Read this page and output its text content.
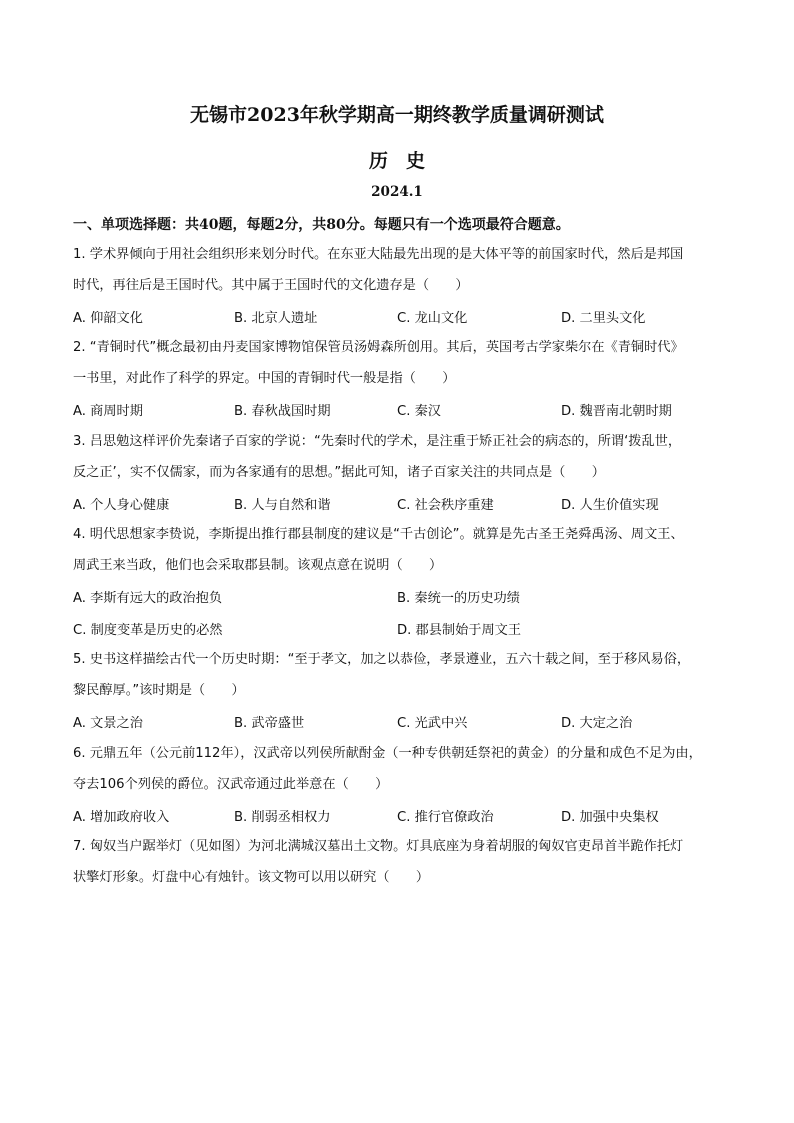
无锡市2023年秋学期高一期终教学质量调研测试
历史
2024.1
一、单项选择题：共40题，每题2分，共80分。每题只有一个选项最符合题意。
1. 学术界倾向于用社会组织形来划分时代。在东亚大陆最先出现的是大体平等的前国家时代，然后是邦国
时代，再往后是王国时代。其中属于王国时代的文化遗存是（　　）
A. 仰韶文化	B. 北京人遗址	C. 龙山文化	D. 二里头文化
2. “青铜时代”概念最初由丹麦国家博物馆保管员汤姆森所创用。其后，英国考古学家柴尔在《青铜时代》
一书里，对此作了科学的界定。中国的青铜时代一般是指（　　）
A. 商周时期	B. 春秋战国时期	C. 秦汉	D. 魏晋南北朝时期
3. 吕思勉这样评价先秦诸子百家的学说：“先秦时代的学术，是注重于矫正社会的病态的，所谓‘拨乱世，
反之正’，实不仅儒家，而为各家通有的思想。”据此可知，诸子百家关注的共同点是（　　）
A. 个人身心健康	B. 人与自然和谐	C. 社会秩序重建	D. 人生价值实现
4. 明代思想家李贽说，李斯提出推行郡县制度的建议是“千古创论”。就算是先古圣王尧舜禹汤、周文王、
周武王来当政，他们也会采取郡县制。该观点意在说明（　　）
A. 李斯有远大的政治抱负	B. 秦统一的历史功绩
C. 制度变革是历史的必然	D. 郡县制始于周文王
5. 史书这样描绘古代一个历史时期：“至于孝文，加之以恭俭，孝景遵业，五六十载之间，至于移风易俗，
黎民醇厚。”该时期是（　　）
A. 文景之治	B. 武帝盛世	C. 光武中兴	D. 大定之治
6. 元鼎五年（公元前112年），汉武帝以列侯所献酎金（一种专供朝廷祭祀的黄金）的分量和成色不足为由，
夺去106个列侯的爵位。汉武帝通过此举意在（　　）
A. 增加政府收入	B. 削弱丞相权力	C. 推行官僚政治	D. 加强中央集权
7. 匈奴当户踞举灯（见如图）为河北满城汉墓出土文物。灯具底座为身着胡服的匈奴官吏昂首半跪作托灯
状擎灯形象。灯盘中心有烛针。该文物可以用以研究（　　）
